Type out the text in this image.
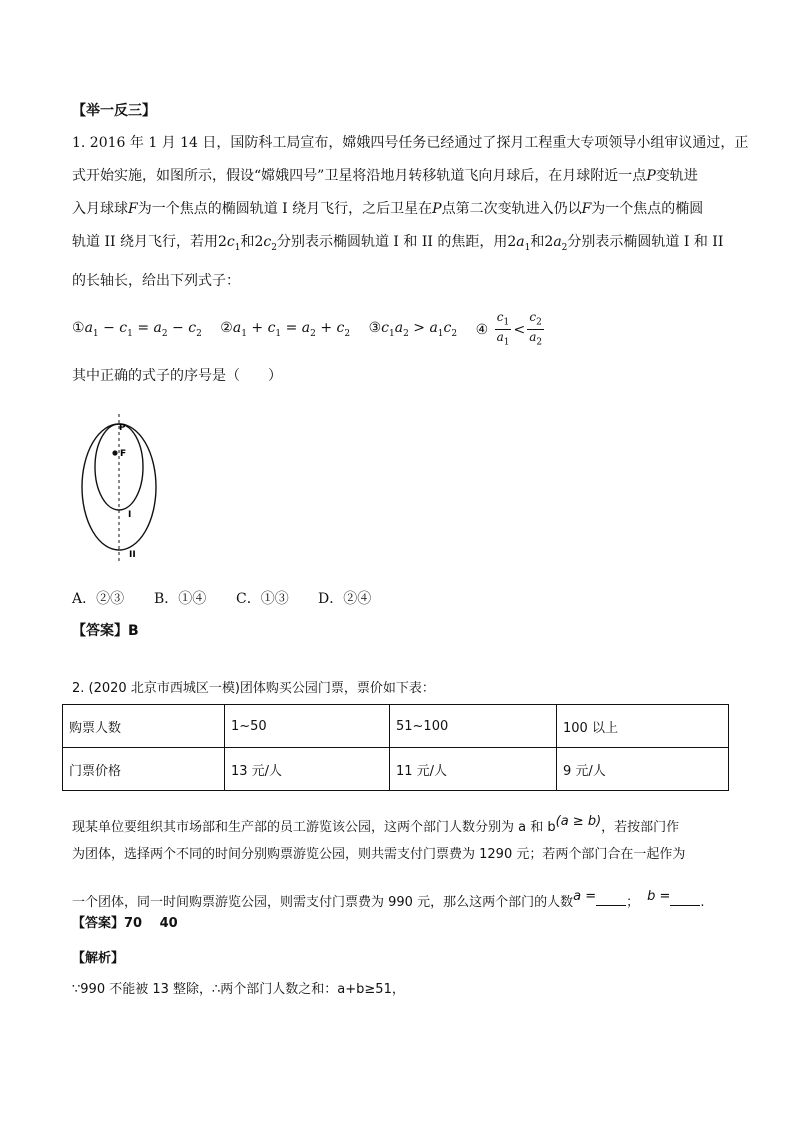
【举一反三】
1. 2016 年 1 月 14 日，国防科工局宣布，嫦娥四号任务已经通过了探月工程重大专项领导小组审议通过，正
式开始实施，如图所示，假设“嫦娥四号”卫星将沿地月转移轨道飞向月球后，在月球附近一点P变轨进
入月球球F为一个焦点的椭圆轨道 I 绕月飞行，之后卫星在P点第二次变轨进入仍以F为一个焦点的椭圆
轨道 II 绕月飞行，若用$2c_1$和$2c_2$分别表示椭圆轨道 I 和 II 的焦距，用$2a_1$和$2a_2$分别表示椭圆轨道 I 和 II
的长轴长，给出下列式子：
$①a_1 - c_1 = a_2 - c_2$ $②a_1 + c_1 = a_2 + c_2$ $③c_1a_2 > a_1c_2$ ④ $\frac{c_1}{a_1} < \frac{c_2}{a_2}$
其中正确的式子的序号是（　　）
P
F
I
II
A．②③ B．①④ C．①③ D．②④
【答案】B
2. (2020 北京市西城区一模)团体购买公园门票，票价如下表：
购票人数	1~50	51~100	100 以上
门票价格	13 元/人	11 元/人	9 元/人
现某单位要组织其市场部和生产部的员工游览该公园，这两个部门人数分别为 a 和 b(a ≥ b)，若按部门作
为团体，选择两个不同的时间分别购票游览公园，则共需支付门票费为 1290 元；若两个部门合在一起作为
一个团体，同一时间购票游览公园，则需支付门票费为 990 元，那么这两个部门的人数a = ； b = .
【答案】70　 40
【解析】
∵990 不能被 13 整除，∴两个部门人数之和：a+b≥51，
